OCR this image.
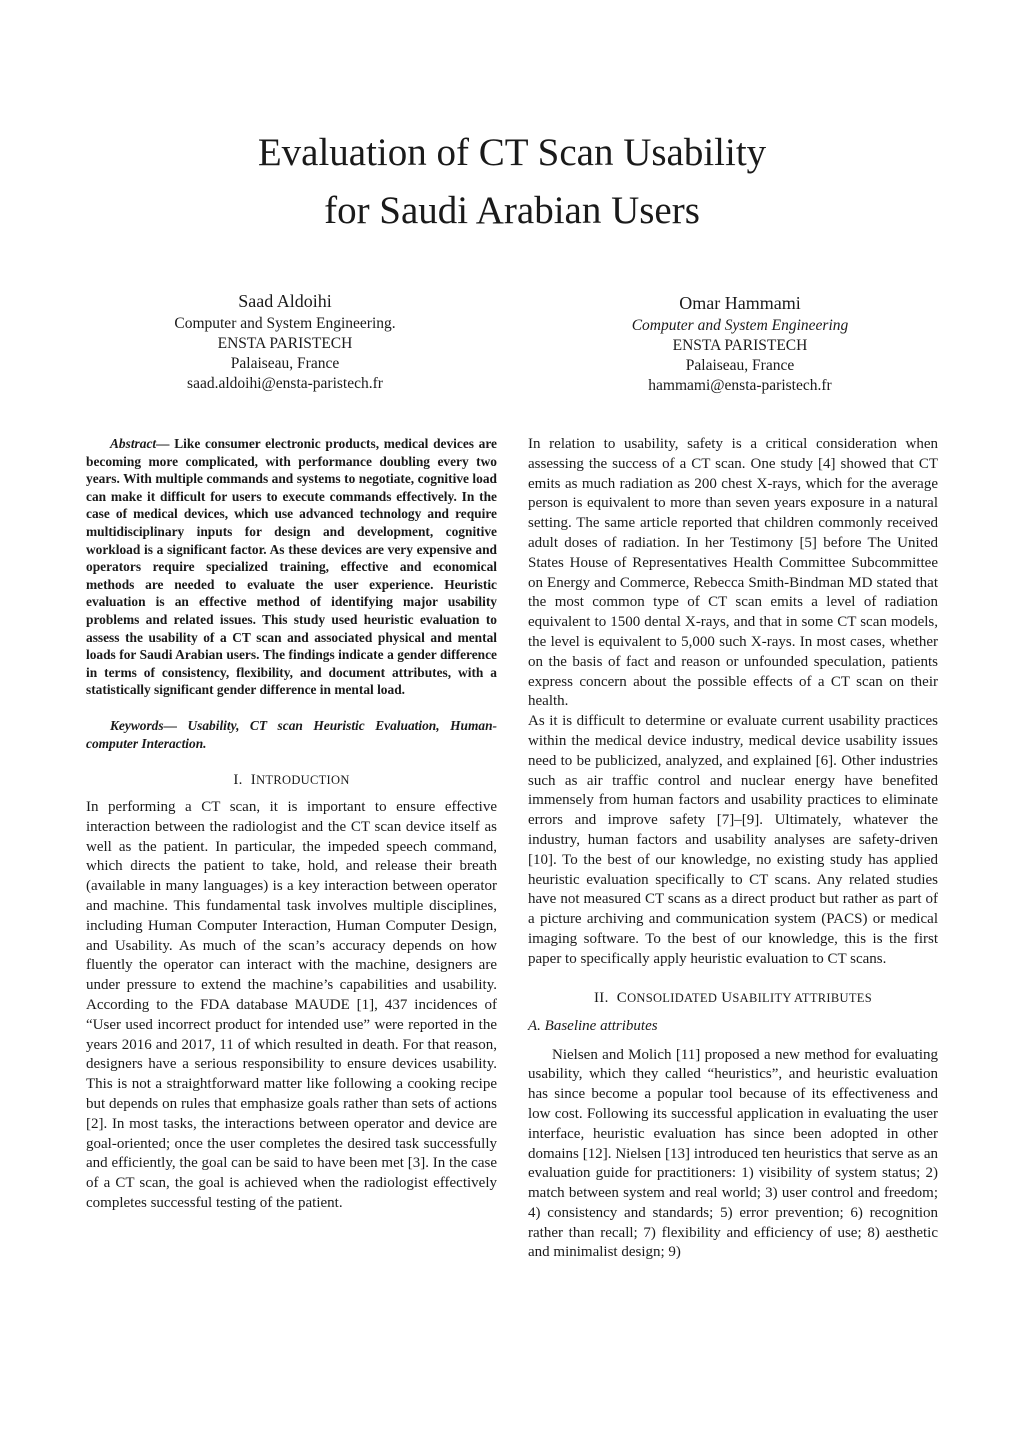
Evaluation of CT Scan Usability
for Saudi Arabian Users
Saad Aldoihi
Computer and System Engineering.
ENSTA PARISTECH
Palaiseau, France
saad.aldoihi@ensta-paristech.fr
Omar Hammami
Computer and System Engineering
ENSTA PARISTECH
Palaiseau, France
hammami@ensta-paristech.fr

Abstract— Like consumer electronic products, medical devices are becoming more complicated, with performance doubling every two years. With multiple commands and systems to negotiate, cognitive load can make it difficult for users to execute commands effectively. In the case of medical devices, which use advanced technology and require multidisciplinary inputs for design and development, cognitive workload is a significant factor. As these devices are very expensive and operators require specialized training, effective and economical methods are needed to evaluate the user experience. Heuristic evaluation is an effective method of identifying major usability problems and related issues. This study used heuristic evaluation to assess the usability of a CT scan and associated physical and mental loads for Saudi Arabian users. The findings indicate a gender difference in terms of consistency, flexibility, and document attributes, with a statistically significant gender difference in mental load.

Keywords— Usability, CT scan Heuristic Evaluation, Human-computer Interaction.

I. INTRODUCTION

In performing a CT scan, it is important to ensure effective interaction between the radiologist and the CT scan device itself as well as the patient. In particular, the impeded speech command, which directs the patient to take, hold, and release their breath (available in many languages) is a key interaction between operator and machine. This fundamental task involves multiple disciplines, including Human Computer Interaction, Human Computer Design, and Usability. As much of the scan’s accuracy depends on how fluently the operator can interact with the machine, designers are under pressure to extend the machine’s capabilities and usability. According to the FDA database MAUDE [1], 437 incidences of “User used incorrect product for intended use” were reported in the years 2016 and 2017, 11 of which resulted in death. For that reason, designers have a serious responsibility to ensure devices usability. This is not a straightforward matter like following a cooking recipe but depends on rules that emphasize goals rather than sets of actions [2]. In most tasks, the interactions between operator and device are goal-oriented; once the user completes the desired task successfully and efficiently, the goal can be said to have been met [3]. In the case of a CT scan, the goal is achieved when the radiologist effectively completes successful testing of the patient.

In relation to usability, safety is a critical consideration when assessing the success of a CT scan. One study [4] showed that CT emits as much radiation as 200 chest X-rays, which for the average person is equivalent to more than seven years exposure in a natural setting. The same article reported that children commonly received adult doses of radiation. In her Testimony [5] before The United States House of Representatives Health Committee Subcommittee on Energy and Commerce, Rebecca Smith-Bindman MD stated that the most common type of CT scan emits a level of radiation equivalent to 1500 dental X-rays, and that in some CT scan models, the level is equivalent to 5,000 such X-rays. In most cases, whether on the basis of fact and reason or unfounded speculation, patients express concern about the possible effects of a CT scan on their health.

As it is difficult to determine or evaluate current usability practices within the medical device industry, medical device usability issues need to be publicized, analyzed, and explained [6]. Other industries such as air traffic control and nuclear energy have benefited immensely from human factors and usability practices to eliminate errors and improve safety [7]–[9]. Ultimately, whatever the industry, human factors and usability analyses are safety-driven [10]. To the best of our knowledge, no existing study has applied heuristic evaluation specifically to CT scans. Any related studies have not measured CT scans as a direct product but rather as part of a picture archiving and communication system (PACS) or medical imaging software. To the best of our knowledge, this is the first paper to specifically apply heuristic evaluation to CT scans.

II. CONSOLIDATED USABILITY ATTRIBUTES

A. Baseline attributes

Nielsen and Molich [11] proposed a new method for evaluating usability, which they called “heuristics”, and heuristic evaluation has since become a popular tool because of its effectiveness and low cost. Following its successful application in evaluating the user interface, heuristic evaluation has since been adopted in other domains [12]. Nielsen [13] introduced ten heuristics that serve as an evaluation guide for practitioners: 1) visibility of system status; 2) match between system and real world; 3) user control and freedom; 4) consistency and standards; 5) error prevention; 6) recognition rather than recall; 7) flexibility and efficiency of use; 8) aesthetic and minimalist design; 9)
